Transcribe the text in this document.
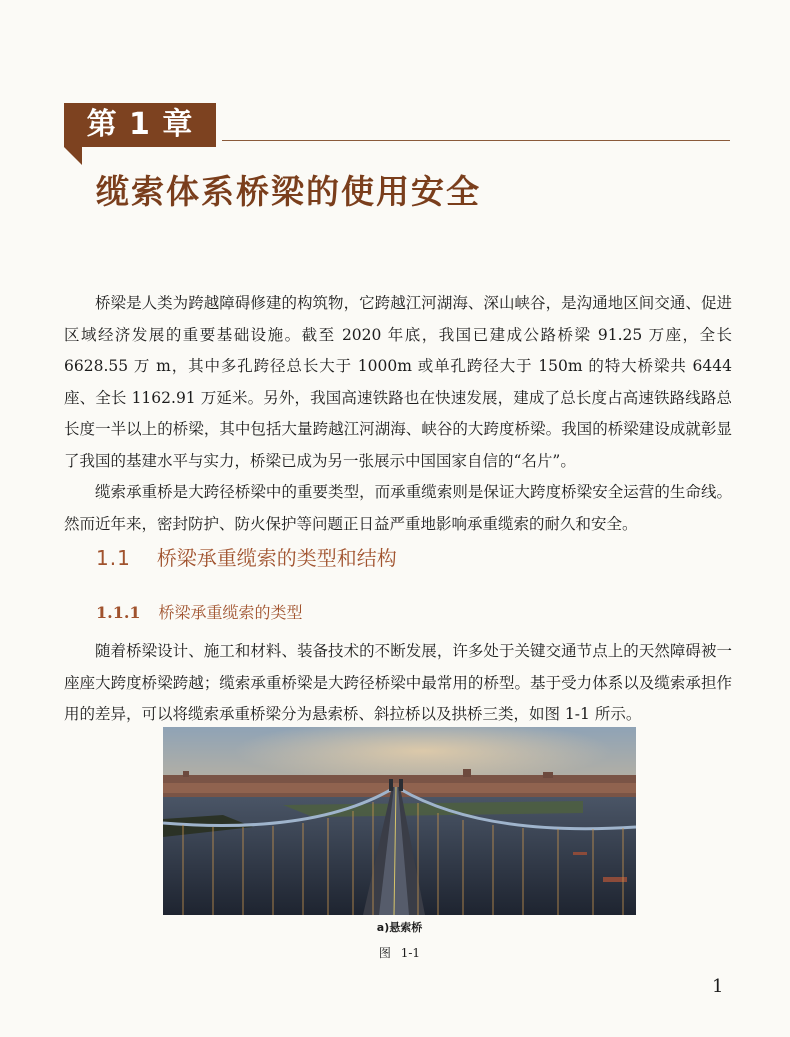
第 1 章
缆索体系桥梁的使用安全

桥梁是人类为跨越障碍修建的构筑物，它跨越江河湖海、深山峡谷，是沟通地区间交通、促进区域经济发展的重要基础设施。截至 2020 年底，我国已建成公路桥梁 91.25 万座，全长 6628.55 万 m，其中多孔跨径总长大于 1000m 或单孔跨径大于 150m 的特大桥梁共 6444 座、全长 1162.91 万延米。另外，我国高速铁路也在快速发展，建成了总长度占高速铁路线路总长度一半以上的桥梁，其中包括大量跨越江河湖海、峡谷的大跨度桥梁。我国的桥梁建设成就彰显了我国的基建水平与实力，桥梁已成为另一张展示中国国家自信的“名片”。

缆索承重桥是大跨径桥梁中的重要类型，而承重缆索则是保证大跨度桥梁安全运营的生命线。然而近年来，密封防护、防火保护等问题正日益严重地影响承重缆索的耐久和安全。

1.1 桥梁承重缆索的类型和结构
1.1.1 桥梁承重缆索的类型

随着桥梁设计、施工和材料、装备技术的不断发展，许多处于关键交通节点上的天然障碍被一座座大跨度桥梁跨越；缆索承重桥梁是大跨径桥梁中最常用的桥型。基于受力体系以及缆索承担作用的差异，可以将缆索承重桥梁分为悬索桥、斜拉桥以及拱桥三类，如图 1-1 所示。

a)悬索桥
图 1-1
1
